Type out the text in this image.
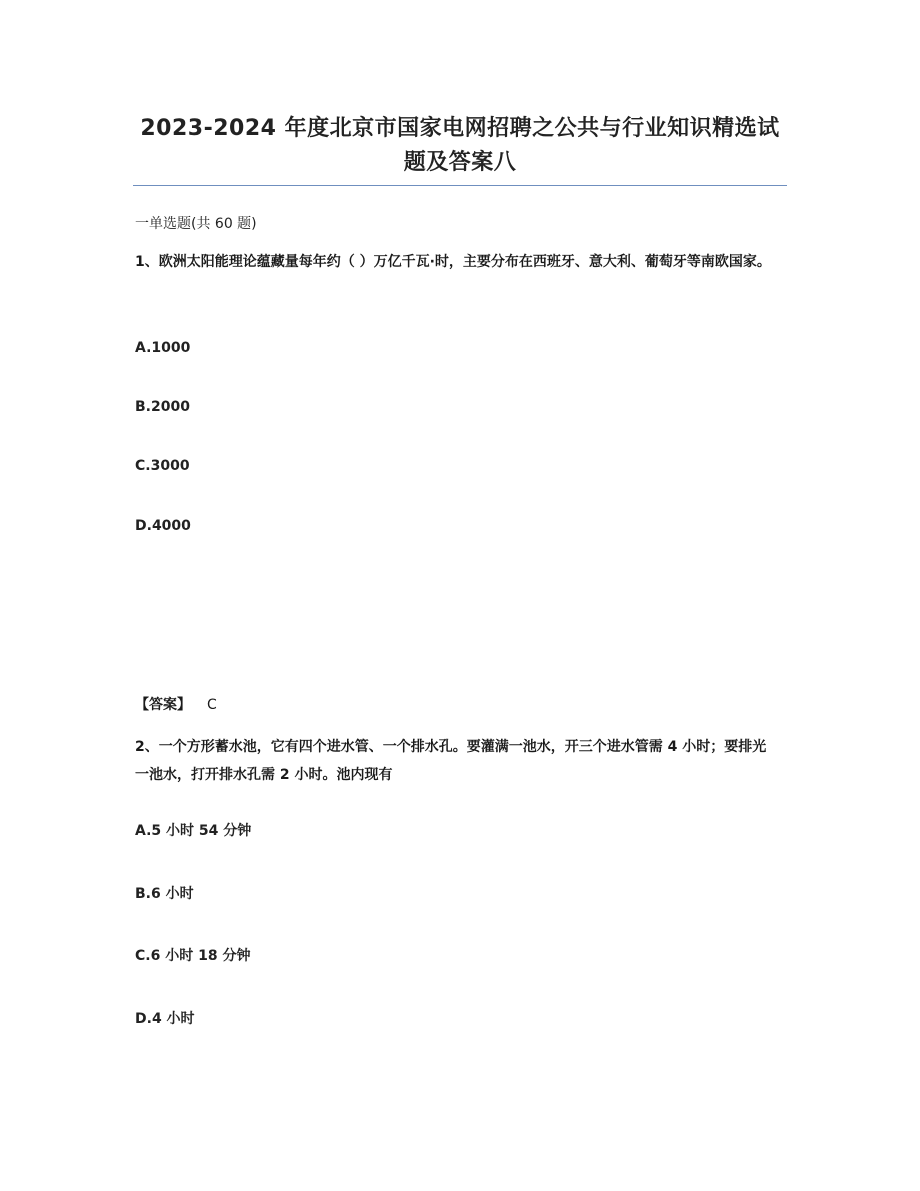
2023-2024 年度北京市国家电网招聘之公共与行业知识精选试题及答案八
一单选题(共 60 题)
1、欧洲太阳能理论蕴藏量每年约（ ）万亿千瓦·时，主要分布在西班牙、意大利、葡萄牙等南欧国家。
A.1000
B.2000
C.3000
D.4000
【答案】 C
2、一个方形蓄水池，它有四个进水管、一个排水孔。要灌满一池水，开三个进水管需 4 小时；要排光一池水，打开排水孔需 2 小时。池内现有
A.5 小时 54 分钟
B.6 小时
C.6 小时 18 分钟
D.4 小时
